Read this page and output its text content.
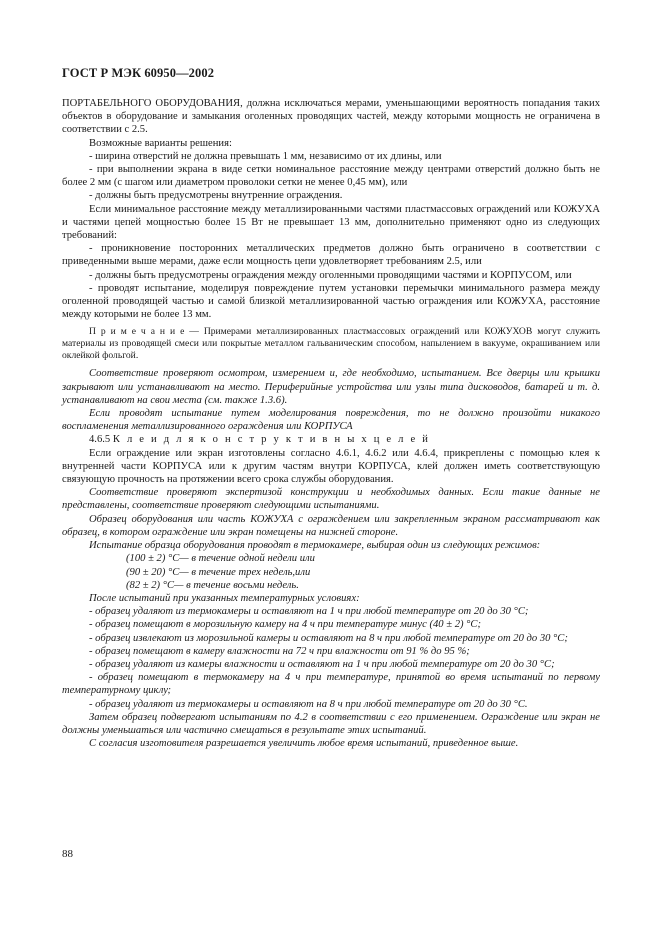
ГОСТ Р МЭК 60950—2002

ПОРТАБЕЛЬНОГО ОБОРУДОВАНИЯ, должна исключаться мерами, уменьшающими вероятность попадания таких объектов в оборудование и замыкания оголенных проводящих частей, между которыми мощность не ограничена в соответствии с 2.5.

Возможные варианты решения:

- ширина отверстий не должна превышать 1 мм, независимо от их длины, или

- при выполнении экрана в виде сетки номинальное расстояние между центрами отверстий должно быть не более 2 мм (с шагом или диаметром проволоки сетки не менее 0,45 мм), или

- должны быть предусмотрены внутренние ограждения.

Если минимальное расстояние между металлизированными частями пластмассовых ограждений или КОЖУХА и частями цепей мощностью более 15 Вт не превышает 13 мм, дополнительно применяют одно из следующих требований:

- проникновение посторонних металлических предметов должно быть ограничено в соответствии с приведенными выше мерами, даже если мощность цепи удовлетворяет требованиям 2.5, или

- должны быть предусмотрены ограждения между оголенными проводящими частями и КОРПУСОМ, или

- проводят испытание, моделируя повреждение путем установки перемычки минимального размера между оголенной проводящей частью и самой близкой металлизированной частью ограждения или КОЖУХА, расстояние между которыми не более 13 мм.

П р и м е ч а н и е — Примерами металлизированных пластмассовых ограждений или КОЖУХОВ могут служить материалы из проводящей смеси или покрытые металлом гальваническим способом, напылением в вакууме, окрашиванием или оклейкой фольгой.

Соответствие проверяют осмотром, измерением и, где необходимо, испытанием. Все дверцы или крышки закрывают или устанавливают на место. Периферийные устройства или узлы типа дисководов, батарей и т. д. устанавливают на свои места (см. также 1.3.6).

Если проводят испытание путем моделирования повреждения, то не должно произойти никакого воспламенения металлизированного ограждения или КОРПУСА

4.6.5 К л е и д л я к о н с т р у к т и в н ы х ц е л е й

Если ограждение или экран изготовлены согласно 4.6.1, 4.6.2 или 4.6.4, прикреплены с помощью клея к внутренней части КОРПУСА или к другим частям внутри КОРПУСА, клей должен иметь соответствующую связующую прочность на протяжении всего срока службы оборудования.

Соответствие проверяют экспертизой конструкции и необходимых данных. Если такие данные не представлены, соответствие проверяют следующими испытаниями.

Образец оборудования или часть КОЖУХА с ограждением или закрепленным экраном рассматривают как образец, в котором ограждение или экран помещены на нижней стороне.

Испытание образца оборудования проводят в термокамере, выбирая один из следующих режимов:

(100 ± 2) °С— в течение одной недели или

(90 ± 20) °С— в течение трех недель,или

(82 ± 2) °С— в течение восьми недель.

После испытаний при указанных температурных условиях:

- образец удаляют из термокамеры и оставляют на 1 ч при любой температуре от 20 до 30 °С;

- образец помещают в морозильную камеру на 4 ч при температуре минус (40 ± 2) °С;

- образец извлекают из морозильной камеры и оставляют на 8 ч при любой температуре от 20 до 30 °С;

- образец помещают в камеру влажности на 72 ч при влажности от 91 % до 95 %;

- образец удаляют из камеры влажности и оставляют на 1 ч при любой температуре от 20 до 30 °С;

- образец помещают в термокамеру на 4 ч при температуре, принятой во время испытаний по первому температурному циклу;

- образец удаляют из термокамеры и оставляют на 8 ч при любой температуре от 20 до 30 °С.

Затем образец подвергают испытаниям по 4.2 в соответствии с его применением. Ограждение или экран не должны уменьшаться или частично смещаться в результате этих испытаний.

С согласия изготовителя разрешается увеличить любое время испытаний, приведенное выше.

88
